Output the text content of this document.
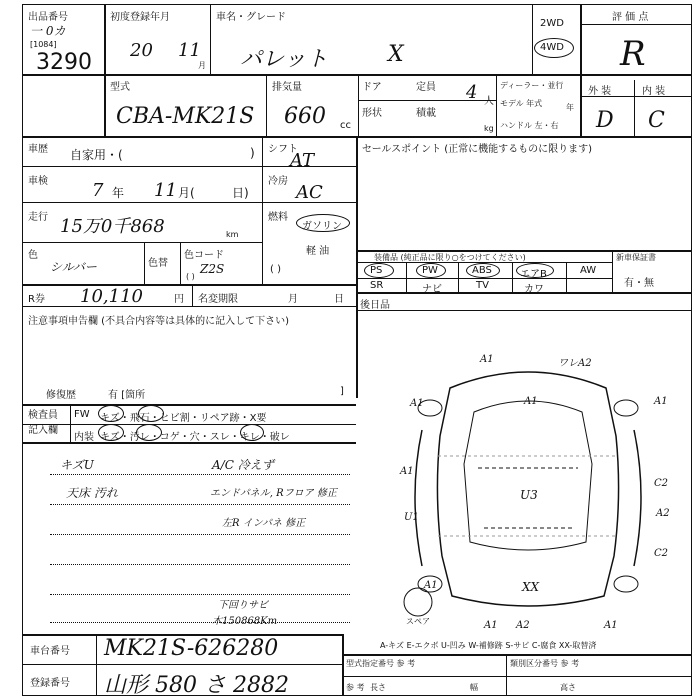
出品番号
一 0カ
[1084]
3290
初度登録年月
20 11
月
車名・グレード
パレット	X
2WD
4WD
評 価 点
R
外 装	内 装
D C
型式
CBA-MK21S
排気量
660 cc
ドア	定員 4 人
形状	積載
kg
ディーラー・並行
モデル 年式	年
ハンドル 左・右
車歴 自家用・(	) シフト
AT
車検 7 年 11 月(	日)
冷房
AC
走行 15万0千868	km
燃料
ガソリン
軽 油
( )
色
シルバー	色替
色コード
Z2S
( )
R券 10,110	円 名変期限	月	日
注意事項申告欄 (不具合内容等は具体的に記入して下さい)
修復歴	有 [箇所	]
検査員 記入欄
FW キズ・飛石・ヒビ割・リペア跡・X要
内装 キズ・汚レ・コゲ・穴・スレ・キレ・破レ
キズU
天床 汚れ
A/C 冷えず
エンドパネル, Rフロア 修正
左R インパネ 修正
下回りサビ
木150868Km
セールスポイント (正常に機能するものに限ります)
装備品 (純正品に限り○をつけてください)	新車保証書
有・無
PS	PW	ABS	エアB	AW
SR	ナビ	TV	カワ
後日品
A1	ワレA2
A1	A1	A1
A1
U3
C2
U1	A2
C2
XX
A1
A1	A1
A2
スペア
A-キズ E-エクボ U-凹み W-補修跡 S-サビ C-腐食 XX-取替済
車台番号 MK21S-626280
登録番号 山形 580 さ 2882
型式指定番号 参 考	類別区分番号 参 考
長さ	幅	高さ
参 考
